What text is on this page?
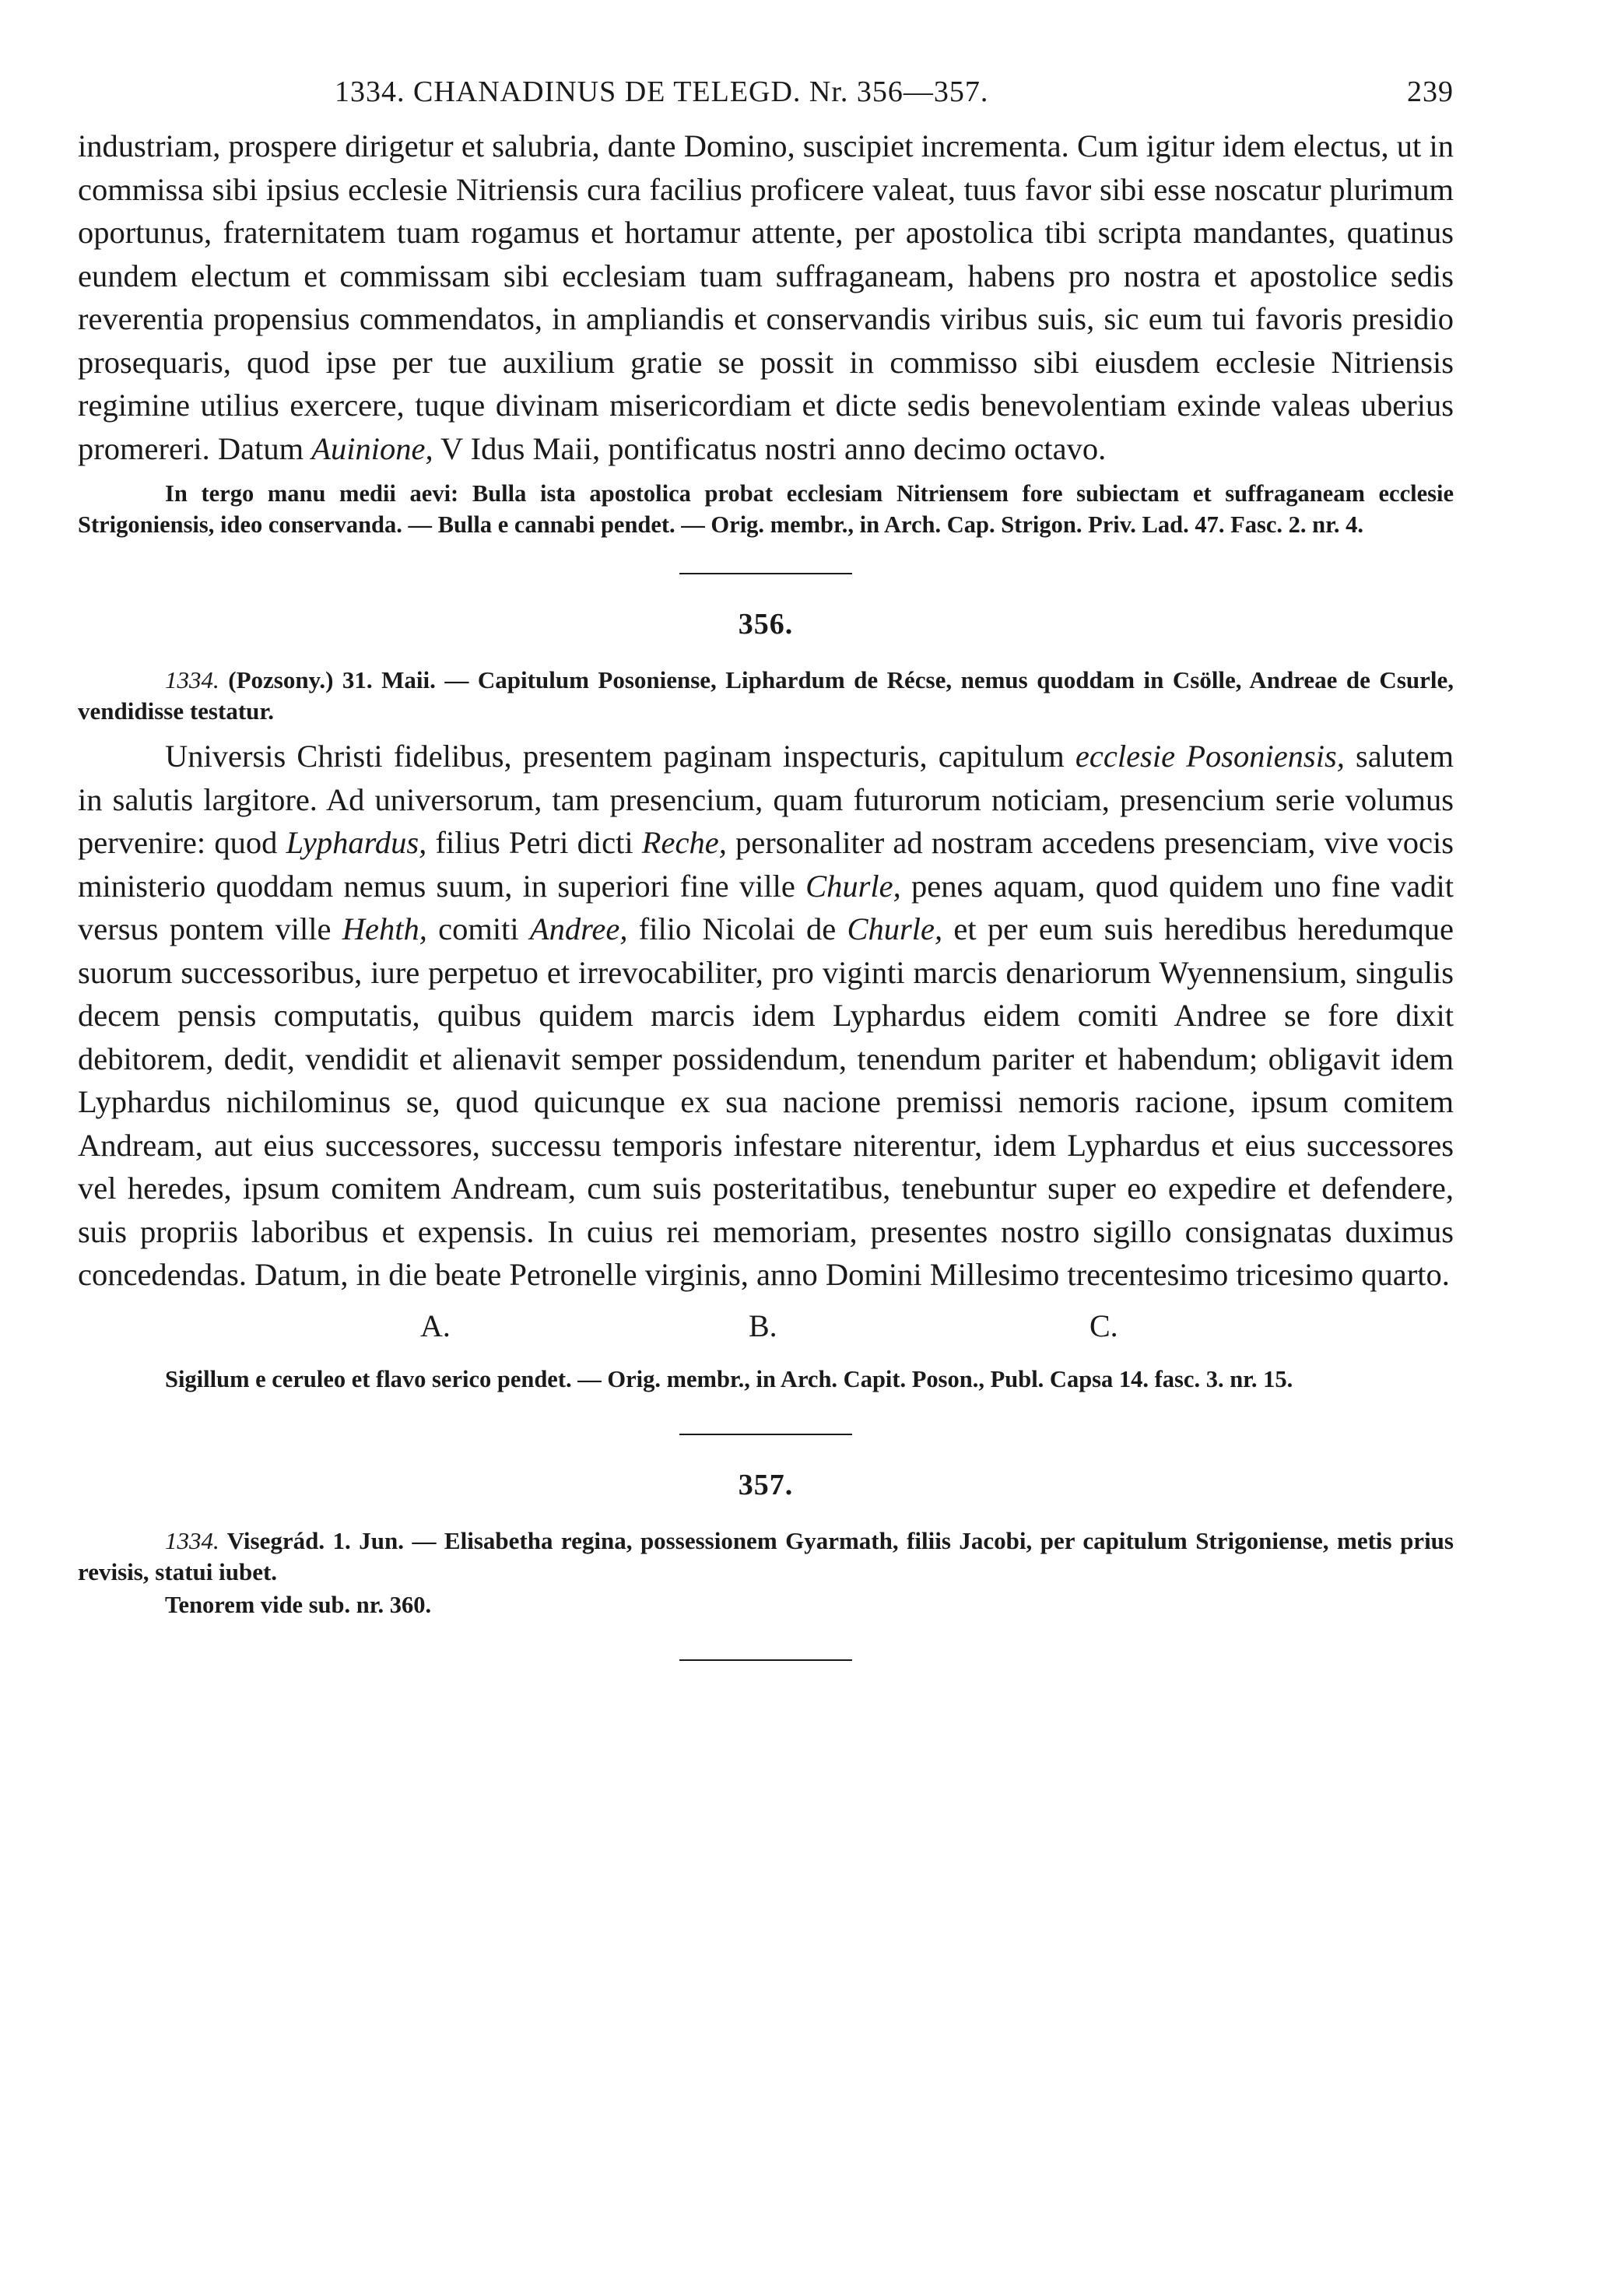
1334. CHANADINUS DE TELEGD. Nr. 356—357.	239

industriam, prospere dirigetur et salubria, dante Domino, suscipiet incrementa. Cum igitur idem electus, ut in commissa sibi ipsius ecclesie Nitriensis cura facilius proficere valeat, tuus favor sibi esse noscatur plurimum oportunus, fraternitatem tuam rogamus et hortamur attente, per apostolica tibi scripta mandantes, quatinus eundem electum et commissam sibi ecclesiam tuam suffraganeam, habens pro nostra et apostolice sedis reverentia propensius commendatos, in ampliandis et conservandis viribus suis, sic eum tui favoris presidio prosequaris, quod ipse per tue auxilium gratie se possit in commisso sibi eiusdem ecclesie Nitriensis regimine utilius exercere, tuque divinam misericordiam et dicte sedis benevolentiam exinde valeas uberius promereri. Datum Auinione, V Idus Maii, pontificatus nostri anno decimo octavo.

In tergo manu medii aevi: Bulla ista apostolica probat ecclesiam Nitriensem fore subiectam et suffraganeam ecclesie Strigoniensis, ideo conservanda. — Bulla e cannabi pendet. — Orig. membr., in Arch. Cap. Strigon. Priv. Lad. 47. Fasc. 2. nr. 4.

356.

1334. (Pozsony.) 31. Maii. — Capitulum Posoniense, Liphardum de Récse, nemus quoddam in Csölle, Andreae de Csurle, vendidisse testatur.

Universis Christi fidelibus, presentem paginam inspecturis, capitulum ecclesie Posoniensis, salutem in salutis largitore. Ad universorum, tam presencium, quam futurorum noticiam, presencium serie volumus pervenire: quod Lyphardus, filius Petri dicti Reche, personaliter ad nostram accedens presenciam, vive vocis ministerio quoddam nemus suum, in superiori fine ville Churle, penes aquam, quod quidem uno fine vadit versus pontem ville Hehth, comiti Andree, filio Nicolai de Churle, et per eum suis heredibus heredumque suorum successoribus, iure perpetuo et irrevocabiliter, pro viginti marcis denariorum Wyennensium, singulis decem pensis computatis, quibus quidem marcis idem Lyphardus eidem comiti Andree se fore dixit debitorem, dedit, vendidit et alienavit semper possidendum, tenendum pariter et habendum; obligavit idem Lyphardus nichilominus se, quod quicunque ex sua nacione premissi nemoris racione, ipsum comitem Andream, aut eius successores, successu temporis infestare niterentur, idem Lyphardus et eius successores vel heredes, ipsum comitem Andream, cum suis posteritatibus, tenebuntur super eo expedire et defendere, suis propriis laboribus et expensis. In cuius rei memoriam, presentes nostro sigillo consignatas duximus concedendas. Datum, in die beate Petronelle virginis, anno Domini Millesimo trecentesimo tricesimo quarto.

A.	B.	C.

Sigillum e ceruleo et flavo serico pendet. — Orig. membr., in Arch. Capit. Poson., Publ. Capsa 14. fasc. 3. nr. 15.

357.

1334. Visegrád. 1. Jun. — Elisabetha regina, possessionem Gyarmath, filiis Jacobi, per capitulum Strigoniense, metis prius revisis, statui iubet.

Tenorem vide sub. nr. 360.
